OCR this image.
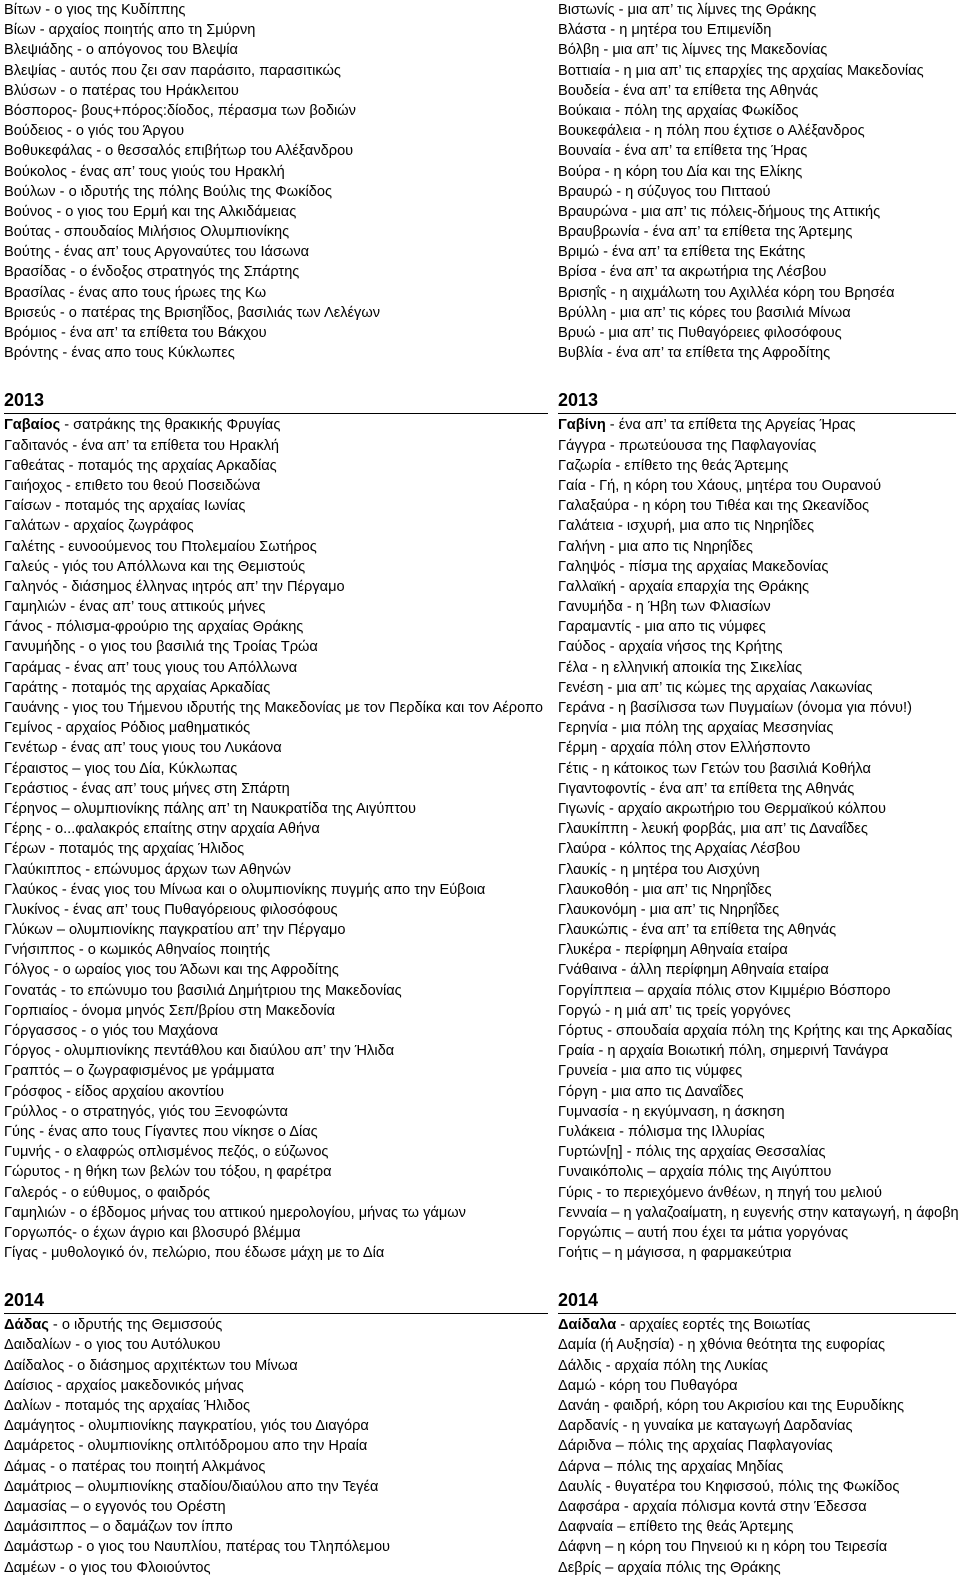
Βίτων - ο γιος της Κυδίππης
Βίων - αρχαίος ποιητής απο τη Σμύρνη
Βλεψιάδης - ο απόγονος του Βλεψία
Βλεψίας - αυτός που ζει σαν παράσιτο, παρασιτικώς
Βλύσων - ο πατέρας του Ηράκλειτου
Βόσπορος- βους+πόρος:δίοδος, πέρασμα των βοδιών
Βούδειος - ο γιός του Άργου
Βοθυκεφάλας - ο θεσσαλός επιβήτωρ του Αλέξανδρου
Βούκολος - ένας απ’ τους γιούς του Ηρακλή
Βούλων - ο ιδρυτής της πόλης Βούλις της Φωκίδος
Βούνος - ο γιος του Ερμή και της Αλκιδάμειας
Βούτας - σπουδαίος Μιλήσιος Ολυμπιονίκης
Βούτης - ένας απ’ τους Αργοναύτες του Ιάσωνα
Βρασίδας - ο ένδοξος στρατηγός της Σπάρτης
Βρασίλας - ένας απο τους ήρωες της Κω
Βρισεύς - ο πατέρας της Βρισηΐδος, βασιλιάς των Λελέγων
Βρόμιος - ένα απ’ τα επίθετα του Βάκχου
Βρόντης - ένας απο τους Κύκλωπες
2013
Γαβαίος - σατράκης της θρακικής Φρυγίας
Γαδιτανός - ένα απ’ τα επίθετα του Ηρακλή
Γαθεάτας - ποταμός της αρχαίας Αρκαδίας
Γαιήοχος - επιθετο του θεού Ποσειδώνα
Γαίσων - ποταμός της αρχαίας Ιωνίας
Γαλάτων - αρχαίος ζωγράφος
Γαλέτης - ευνοούμενος του Πτολεμαίου Σωτήρος
Γαλεύς - γιός του Απόλλωνα και της Θεμιστούς
Γαληνός - διάσημος έλληνας ιητρός απ’ την Πέργαμο
Γαμηλιών - ένας απ’ τους αττικούς μήνες
Γάνος - πόλισμα-φρούριο της αρχαίας Θράκης
Γανυμήδης - ο γιος του βασιλιά της Τροίας Τρώα
Γαράμας - ένας απ’ τους γιους του Απόλλωνα
Γαράτης - ποταμός της αρχαίας Αρκαδίας
Γαυάνης - γιος του Τήμενου ιδρυτής της Μακεδονίας με τον Περδίκα και τον Αέροπο
Γεμίνος - αρχαίος Ρόδιος μαθηματικός
Γενέτωρ - ένας απ’ τους γιους του Λυκάονα
Γέραιστος – γιος του Δία, Κύκλωπας
Γεράστιος - ένας απ’ τους μήνες στη Σπάρτη
Γέρηνος – ολυμπιονίκης πάλης απ’ τη Ναυκρατίδα της Αιγύπτου
Γέρης - ο...φαλακρός επαίτης στην αρχαία Αθήνα
Γέρων - ποταμός της αρχαίας Ήλιδος
Γλαύκιππος - επώνυμος άρχων των Αθηνών
Γλαύκος - ένας γιος του Μίνωα και ο ολυμπιονίκης πυγμής απο την Εύβοια
Γλυκίνος - ένας απ’ τους Πυθαγόρειους φιλοσόφους
Γλύκων – ολυμπιονίκης παγκρατίου απ’ την Πέργαμο
Γνήσιππος - ο κωμικός Αθηναίος ποιητής
Γόλγος - ο ωραίος γιος του Άδωνι και της Αφροδίτης
Γονατάς - το επώνυμο του βασιλιά Δημήτριου της Μακεδονίας
Γορπιαίος - όνομα μηνός Σεπ/βρίου στη Μακεδονία
Γόργασσος - ο γιός του Μαχάονα
Γόργος - ολυμπιονίκης πεντάθλου και διαύλου απ’ την Ήλιδα
Γραπτός – ο ζωγραφισμένος με γράμματα
Γρόσφος - είδος αρχαίου ακοντίου
Γρύλλος - ο στρατηγός, γιός του Ξενοφώντα
Γύης - ένας απο τους Γίγαντες που νίκησε ο Δίας
Γυμνής - ο ελαφρώς οπλισμένος πεζός, ο εύζωνος
Γώρυτος - η θήκη των βελών του τόξου, η φαρέτρα
Γαλερός - ο εύθυμος, ο φαιδρός
Γαμηλιών - ο έβδομος μήνας του αττικού ημερολογίου, μήνας τω γάμων
Γοργωπός- ο έχων άγριο και βλοσυρό βλέμμα
Γίγας - μυθολογικό όν, πελώριο, που έδωσε μάχη με το Δία
2014
Δάδας - ο ιδρυτής της Θεμισσούς
Δαιδαλίων - ο γιος του Αυτόλυκου
Δαίδαλος - ο διάσημος αρχιτέκτων του Μίνωα
Δαίσιος - αρχαίος μακεδονικός μήνας
Δαλίων - ποταμός της αρχαίας Ήλιδος
Δαμάγητος - ολυμπιονίκης παγκρατίου, γιός του Διαγόρα
Δαμάρετος - ολυμπιονίκης οπλιτόδρομου απο την Ηραία
Δάμας - ο πατέρας του ποιητή Αλκμάνος
Δαμάτριος – ολυμπιονίκης σταδίου/διαύλου απο την Τεγέα
Δαμασίας – ο εγγονός του Ορέστη
Δαμάσιππος – ο δαμάζων τον ίππο
Δαμάστωρ - ο γιος του Ναυπλίου, πατέρας του Τληπόλεμου
Δαμέων - ο γιος του Φλοιούντος
Βιστωνίς - μια απ’ τις λίμνες της Θράκης
Βλάστα - η μητέρα του Επιμενίδη
Βόλβη - μια απ’ τις λίμνες της Μακεδονίας
Βοττιαία - η μια απ’ τις επαρχίες της αρχαίας Μακεδονίας
Βουδεία - ένα απ’ τα επίθετα της Αθηνάς
Βούκαια - πόλη της αρχαίας Φωκίδος
Βουκεφάλεια - η πόλη που έχτισε ο Αλέξανδρος
Βουναία - ένα απ’ τα επίθετα της Ήρας
Βούρα - η κόρη του Δία και της Ελίκης
Βραυρώ - η σύζυγος του Πιτταού
Βραυρώνα - μια απ’ τις πόλεις-δήμους της Αττικής
Βραυβρωνία - ένα απ’ τα επίθετα της Άρτεμης
Βριμώ - ένα απ’ τα επίθετα της Εκάτης
Βρίσα - ένα απ’ τα ακρωτήρια της Λέσβου
Βρισηΐς - η αιχμάλωτη του Αχιλλέα κόρη του Βρησέα
Βρύλλη - μια απ’ τις κόρες του βασιλιά Μίνωα
Βρυώ - μια απ’ τις Πυθαγόρειες φιλοσόφους
Βυβλία - ένα απ’ τα επίθετα της Αφροδίτης
2013
Γαβίνη - ένα απ’ τα επίθετα της Αργείας Ήρας
Γάγγρα - πρωτεύουσα της Παφλαγονίας
Γαζωρία - επίθετο της θεάς Άρτεμης
Γαία - Γή, η κόρη του Χάους, μητέρα του Ουρανού
Γαλαξαύρα - η κόρη του Τιθέα και της Ωκεανίδος
Γαλάτεια - ισχυρή, μια απο τις Νηρηΐδες
Γαλήνη - μια απο τις Νηρηΐδες
Γαληψός - πίσμα της αρχαίας Μακεδονίας
Γαλλαϊκή - αρχαία επαρχία της Θράκης
Γανυμήδα - η Ήβη των Φλιασίων
Γαραμαντίς - μια απο τις νύμφες
Γαύδος - αρχαία νήσος της Κρήτης
Γέλα - η ελληνική αποικία της Σικελίας
Γενέση - μια απ’ τις κώμες της αρχαίας Λακωνίας
Γεράνα - η βασίλισσα των Πυγμαίων (όνομα για πόνυ!)
Γερηνία - μια πόλη της αρχαίας Μεσσηνίας
Γέρμη - αρχαία πόλη στον Ελλήσποντο
Γέτις - η κάτοικος των Γετών του βασιλιά Κοθήλα
Γιγαντοφοντίς - ένα απ’ τα επίθετα της Αθηνάς
Γιγωνίς - αρχαίο ακρωτήριο του Θερμαϊκού κόλπου
Γλαυκίππη - λευκή φορβάς, μια απ’ τις Δαναΐδες
Γλαύρα - κόλπος της Αρχαίας Λέσβου
Γλαυκίς - η μητέρα του Αισχύνη
Γλαυκοθόη - μια απ’ τις Νηρηΐδες
Γλαυκονόμη - μια απ’ τις Νηρηΐδες
Γλαυκώπις - ένα απ’ τα επίθετα της Αθηνάς
Γλυκέρα - περίφημη Αθηναία εταίρα
Γνάθαινα - άλλη περίφημη Αθηναία εταίρα
Γοργίππεια – αρχαία πόλις στον Κιμμέριο Βόσπορο
Γοργώ - η μιά απ’ τις τρείς γοργόνες
Γόρτυς - σπουδαία αρχαία πόλη της Κρήτης και της Αρκαδίας
Γραία - η αρχαία Βοιωτική πόλη, σημερινή Τανάγρα
Γρυνεία - μια απο τις νύμφες
Γόργη - μια απο τις Δαναΐδες
Γυμνασία - η εκγύμναση, η άσκηση
Γυλάκεια - πόλισμα της Ιλλυρίας
Γυρτών[η] - πόλις της αρχαίας Θεσσαλίας
Γυναικόπολις – αρχαία πόλις της Αιγύπτου
Γύρις - το περιεχόμενο άνθέων, η πηγή του μελιού
Γενναία – η γαλαζοαίματη, η ευγενής στην καταγωγή, η άφοβη
Γοργώπις – αυτή που έχει τα μάτια γοργόνας
Γοήτις – η μάγισσα, η φαρμακεύτρια
2014
Δαίδαλα - αρχαίες εορτές της Βοιωτίας
Δαμία (ή Αυξησία) - η χθόνια θεότητα της ευφορίας
Δάλδις - αρχαία πόλη της Λυκίας
Δαμώ - κόρη του Πυθαγόρα
Δανάη - φαιδρή, κόρη του Ακρισίου και της Ευρυδίκης
Δαρδανίς - η γυναίκα με καταγωγή Δαρδανίας
Δάριδνα – πόλις της αρχαίας Παφλαγονίας
Δάρνα – πόλις της αρχαίας Μηδίας
Δαυλίς - θυγατέρα του Κηφισσού, πόλις της Φωκίδος
Δαφσάρα - αρχαία πόλισμα κοντά στην Έδεσσα
Δαφναία – επίθετο της θεάς Άρτεμης
Δάφνη – η κόρη του Πηνειού κι η κόρη του Τειρεσία
Δεβρίς – αρχαία πόλις της Θράκης
